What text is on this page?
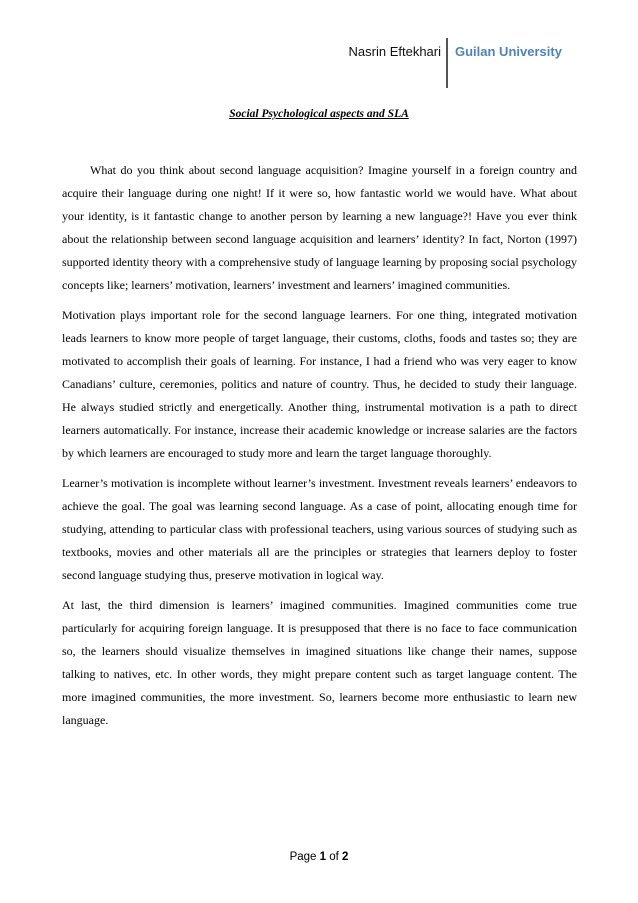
Nasrin Eftekhari Guilan University
Social Psychological aspects and SLA

What do you think about second language acquisition? Imagine yourself in a foreign country and acquire their language during one night! If it were so, how fantastic world we would have. What about your identity, is it fantastic change to another person by learning a new language?! Have you ever think about the relationship between second language acquisition and learners’ identity? In fact, Norton (1997) supported identity theory with a comprehensive study of language learning by proposing social psychology concepts like; learners’ motivation, learners’ investment and learners’ imagined communities.

Motivation plays important role for the second language learners. For one thing, integrated motivation leads learners to know more people of target language, their customs, cloths, foods and tastes so; they are motivated to accomplish their goals of learning. For instance, I had a friend who was very eager to know Canadians’ culture, ceremonies, politics and nature of country. Thus, he decided to study their language. He always studied strictly and energetically. Another thing, instrumental motivation is a path to direct learners automatically. For instance, increase their academic knowledge or increase salaries are the factors by which learners are encouraged to study more and learn the target language thoroughly.

Learner’s motivation is incomplete without learner’s investment. Investment reveals learners’ endeavors to achieve the goal. The goal was learning second language. As a case of point, allocating enough time for studying, attending to particular class with professional teachers, using various sources of studying such as textbooks, movies and other materials all are the principles or strategies that learners deploy to foster second language studying thus, preserve motivation in logical way.

At last, the third dimension is learners’ imagined communities. Imagined communities come true particularly for acquiring foreign language. It is presupposed that there is no face to face communication so, the learners should visualize themselves in imagined situations like change their names, suppose talking to natives, etc. In other words, they might prepare content such as target language content. The more imagined communities, the more investment. So, learners become more enthusiastic to learn new language.

Page 1 of 2
